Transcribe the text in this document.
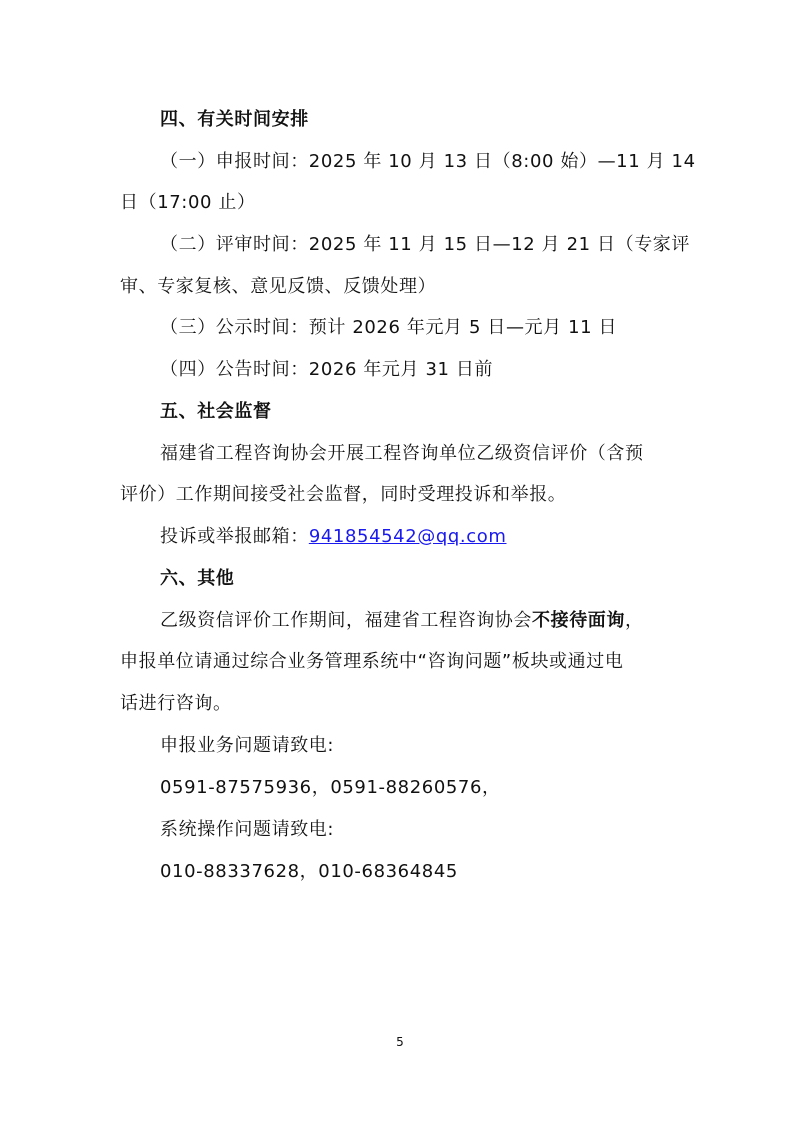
四、有关时间安排
（一）申报时间：2025 年 10 月 13 日（8:00 始）—11 月 14
日（17:00 止）
（二）评审时间：2025 年 11 月 15 日—12 月 21 日（专家评
审、专家复核、意见反馈、反馈处理）
（三）公示时间：预计 2026 年元月 5 日—元月 11 日
（四）公告时间：2026 年元月 31 日前
五、社会监督
福建省工程咨询协会开展工程咨询单位乙级资信评价（含预
评价）工作期间接受社会监督，同时受理投诉和举报。
投诉或举报邮箱：941854542@qq.com
六、其他
乙级资信评价工作期间，福建省工程咨询协会不接待面询，
申报单位请通过综合业务管理系统中“咨询问题”板块或通过电
话进行咨询。
申报业务问题请致电:
0591-87575936，0591-88260576，
系统操作问题请致电:
010-88337628，010-68364845
5
